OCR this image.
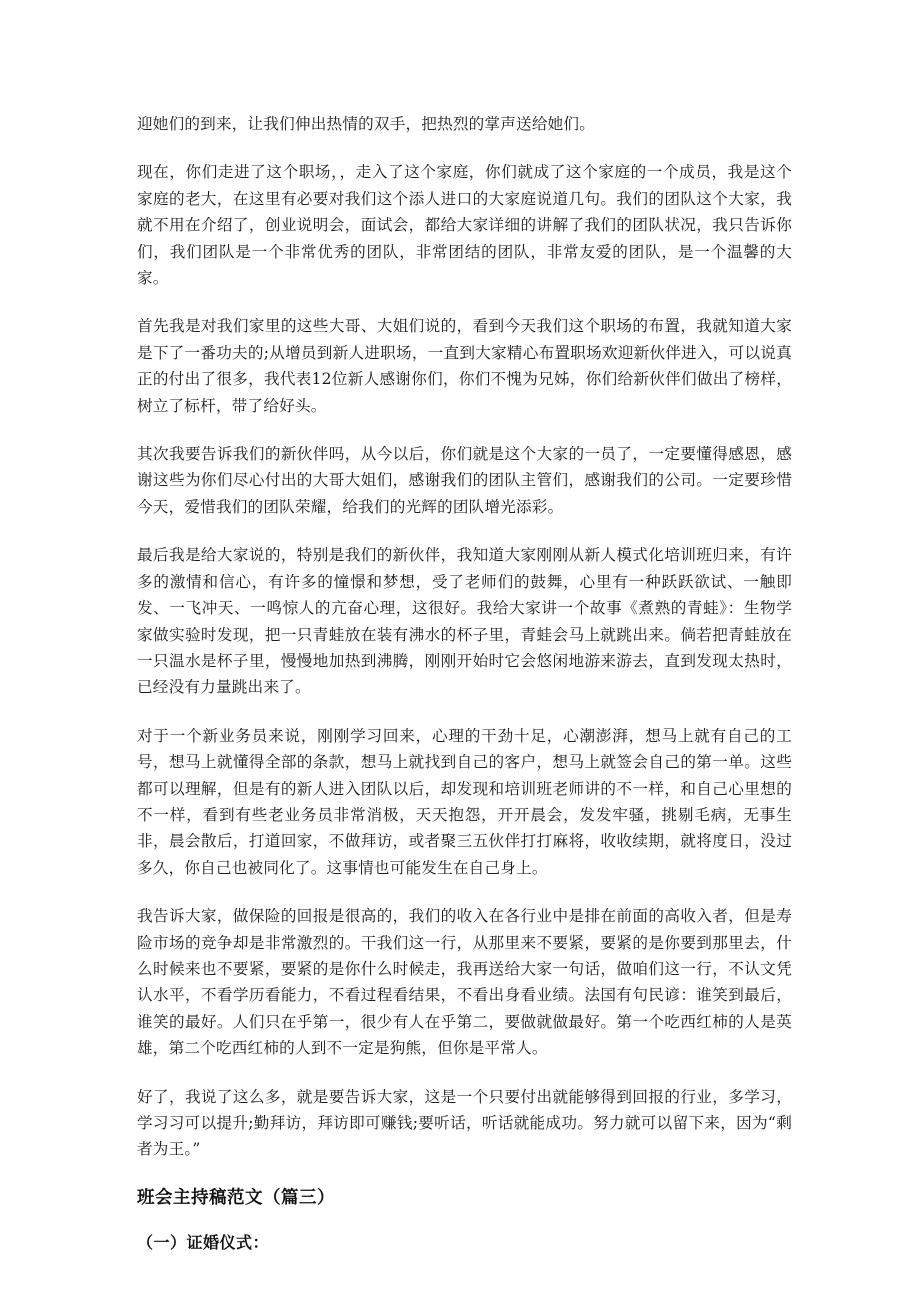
迎她们的到来，让我们伸出热情的双手，把热烈的掌声送给她们。

现在，你们走进了这个职场，，走入了这个家庭，你们就成了这个家庭的一个成员，我是这个家庭的老大，在这里有必要对我们这个添人进口的大家庭说道几句。我们的团队这个大家，我就不用在介绍了，创业说明会，面试会，都给大家详细的讲解了我们的团队状况，我只告诉你们，我们团队是一个非常优秀的团队，非常团结的团队，非常友爱的团队，是一个温馨的大家。

首先我是对我们家里的这些大哥、大姐们说的，看到今天我们这个职场的布置，我就知道大家是下了一番功夫的;从增员到新人进职场，一直到大家精心布置职场欢迎新伙伴进入，可以说真正的付出了很多，我代表12位新人感谢你们，你们不愧为兄姊，你们给新伙伴们做出了榜样，树立了标杆，带了给好头。

其次我要告诉我们的新伙伴吗，从今以后，你们就是这个大家的一员了，一定要懂得感恩，感谢这些为你们尽心付出的大哥大姐们，感谢我们的团队主管们，感谢我们的公司。一定要珍惜今天，爱惜我们的团队荣耀，给我们的光辉的团队增光添彩。

最后我是给大家说的，特别是我们的新伙伴，我知道大家刚刚从新人模式化培训班归来，有许多的激情和信心，有许多的憧憬和梦想，受了老师们的鼓舞，心里有一种跃跃欲试、一触即发、一飞冲天、一鸣惊人的亢奋心理，这很好。我给大家讲一个故事《煮熟的青蛙》：生物学家做实验时发现，把一只青蛙放在装有沸水的杯子里，青蛙会马上就跳出来。倘若把青蛙放在一只温水是杯子里，慢慢地加热到沸腾，刚刚开始时它会悠闲地游来游去，直到发现太热时，已经没有力量跳出来了。

对于一个新业务员来说，刚刚学习回来，心理的干劲十足，心潮澎湃，想马上就有自己的工号，想马上就懂得全部的条款，想马上就找到自己的客户，想马上就签会自己的第一单。这些都可以理解，但是有的新人进入团队以后，却发现和培训班老师讲的不一样，和自己心里想的不一样，看到有些老业务员非常消极，天天抱怨，开开晨会，发发牢骚，挑剔毛病，无事生非，晨会散后，打道回家，不做拜访，或者聚三五伙伴打打麻将，收收续期，就将度日，没过多久，你自己也被同化了。这事情也可能发生在自己身上。

我告诉大家，做保险的回报是很高的，我们的收入在各行业中是排在前面的高收入者，但是寿险市场的竞争却是非常激烈的。干我们这一行，从那里来不要紧，要紧的是你要到那里去，什么时候来也不要紧，要紧的是你什么时候走，我再送给大家一句话，做咱们这一行，不认文凭认水平，不看学历看能力，不看过程看结果，不看出身看业绩。法国有句民谚：谁笑到最后，谁笑的最好。人们只在乎第一，很少有人在乎第二，要做就做最好。第一个吃西红柿的人是英雄，第二个吃西红柿的人到不一定是狗熊，但你是平常人。

好了，我说了这么多，就是要告诉大家，这是一个只要付出就能够得到回报的行业，多学习，学习习可以提升;勤拜访，拜访即可赚钱;要听话，听话就能成功。努力就可以留下来，因为“剩者为王。”

班会主持稿范文（篇三）
（一）证婚仪式：
